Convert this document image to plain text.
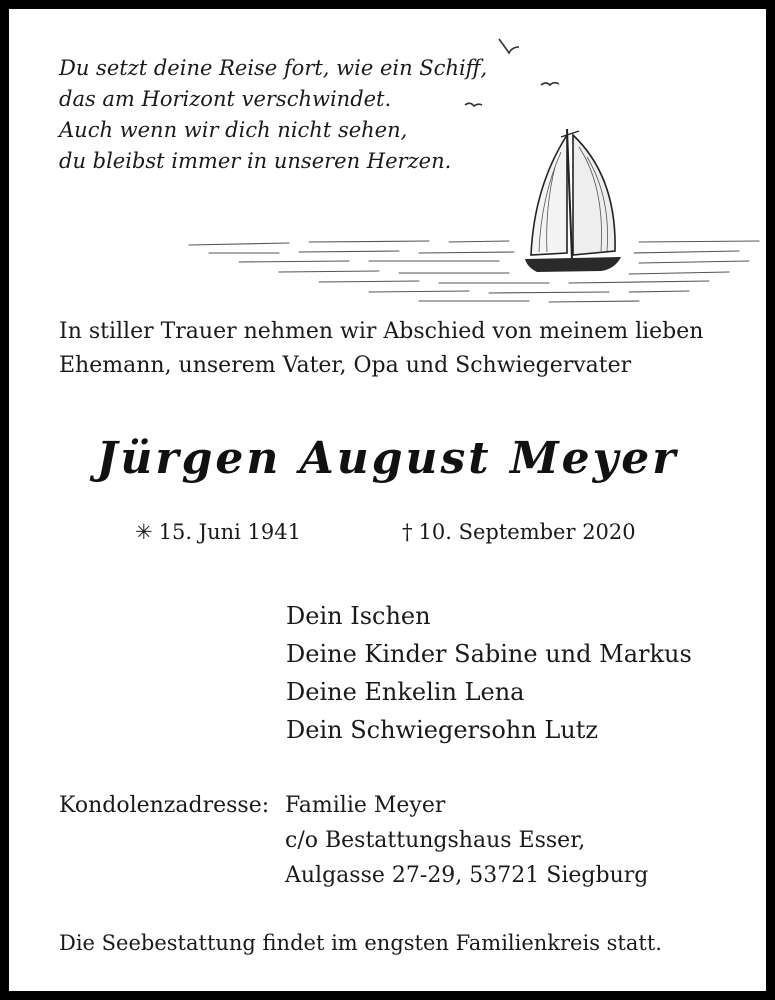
Du setzt deine Reise fort, wie ein Schiff,
das am Horizont verschwindet.
Auch wenn wir dich nicht sehen,
du bleibst immer in unseren Herzen.
In stiller Trauer nehmen wir Abschied von meinem lieben
Ehemann, unserem Vater, Opa und Schwiegervater
Jürgen August Meyer
✳ 15. Juni 1941	† 10. September 2020
Dein Ischen
Deine Kinder Sabine und Markus
Deine Enkelin Lena
Dein Schwiegersohn Lutz
Kondolenzadresse: Familie Meyer
c/o Bestattungshaus Esser,
Aulgasse 27-29, 53721 Siegburg
Die Seebestattung findet im engsten Familienkreis statt.
